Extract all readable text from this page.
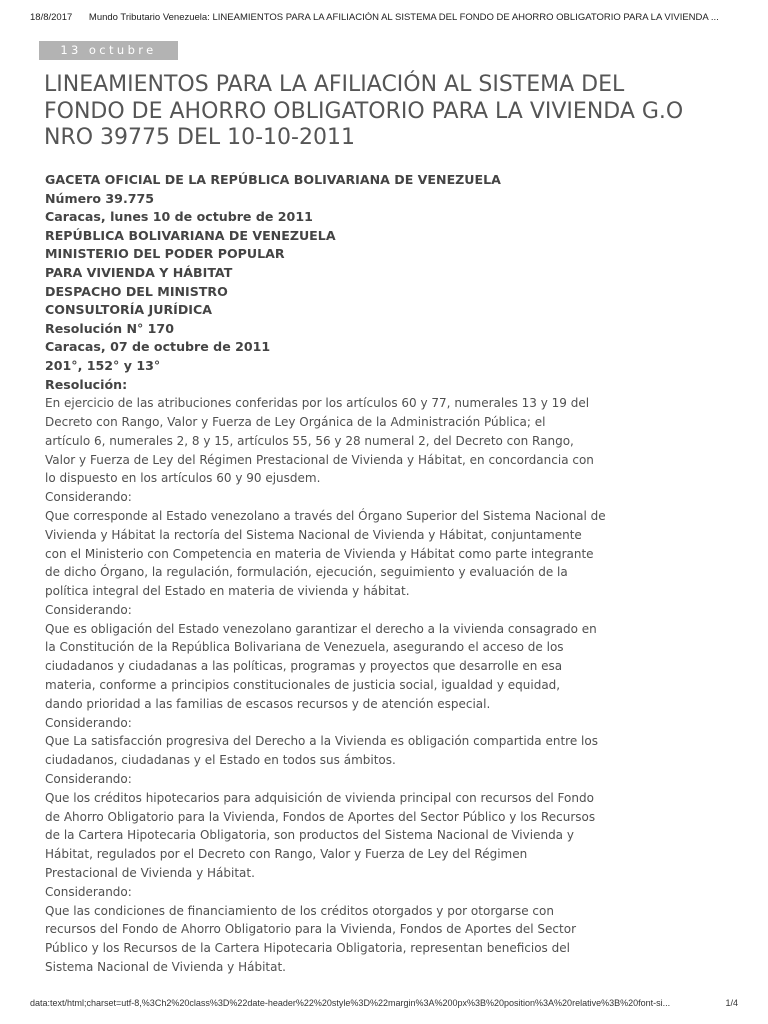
18/8/2017 Mundo Tributario Venezuela: LINEAMIENTOS PARA LA AFILIACIÓN AL SISTEMA DEL FONDO DE AHORRO OBLIGATORIO PARA LA VIVIENDA ...
13 octubre 2011
LINEAMIENTOS PARA LA AFILIACIÓN AL SISTEMA DEL FONDO DE AHORRO OBLIGATORIO PARA LA VIVIENDA G.O NRO 39775 DEL 10-10-2011
GACETA OFICIAL DE LA REPÚBLICA BOLIVARIANA DE VENEZUELA
Número 39.775
Caracas, lunes 10 de octubre de 2011
REPÚBLICA BOLIVARIANA DE VENEZUELA
MINISTERIO DEL PODER POPULAR
PARA VIVIENDA Y HÁBITAT
DESPACHO DEL MINISTRO
CONSULTORÍA JURÍDICA
Resolución N° 170
Caracas, 07 de octubre de 2011
201°, 152° y 13°
Resolución:
En ejercicio de las atribuciones conferidas por los artículos 60 y 77, numerales 13 y 19 del
Decreto con Rango, Valor y Fuerza de Ley Orgánica de la Administración Pública; el
artículo 6, numerales 2, 8 y 15, artículos 55, 56 y 28 numeral 2, del Decreto con Rango,
Valor y Fuerza de Ley del Régimen Prestacional de Vivienda y Hábitat, en concordancia con
lo dispuesto en los artículos 60 y 90 ejusdem.
Considerando:
Que corresponde al Estado venezolano a través del Órgano Superior del Sistema Nacional de
Vivienda y Hábitat la rectoría del Sistema Nacional de Vivienda y Hábitat, conjuntamente
con el Ministerio con Competencia en materia de Vivienda y Hábitat como parte integrante
de dicho Órgano, la regulación, formulación, ejecución, seguimiento y evaluación de la
política integral del Estado en materia de vivienda y hábitat.
Considerando:
Que es obligación del Estado venezolano garantizar el derecho a la vivienda consagrado en
la Constitución de la República Bolivariana de Venezuela, asegurando el acceso de los
ciudadanos y ciudadanas a las políticas, programas y proyectos que desarrolle en esa
materia, conforme a principios constitucionales de justicia social, igualdad y equidad,
dando prioridad a las familias de escasos recursos y de atención especial.
Considerando:
Que La satisfacción progresiva del Derecho a la Vivienda es obligación compartida entre los
ciudadanos, ciudadanas y el Estado en todos sus ámbitos.
Considerando:
Que los créditos hipotecarios para adquisición de vivienda principal con recursos del Fondo
de Ahorro Obligatorio para la Vivienda, Fondos de Aportes del Sector Público y los Recursos
de la Cartera Hipotecaria Obligatoria, son productos del Sistema Nacional de Vivienda y
Hábitat, regulados por el Decreto con Rango, Valor y Fuerza de Ley del Régimen
Prestacional de Vivienda y Hábitat.
Considerando:
Que las condiciones de financiamiento de los créditos otorgados y por otorgarse con
recursos del Fondo de Ahorro Obligatorio para la Vivienda, Fondos de Aportes del Sector
Público y los Recursos de la Cartera Hipotecaria Obligatoria, representan beneficios del
Sistema Nacional de Vivienda y Hábitat.
data:text/html;charset=utf-8,%3Ch2%20class%3D%22date-header%22%20style%3D%22margin%3A%200px%3B%20position%3A%20relative%3B%20font-si...	1/4
